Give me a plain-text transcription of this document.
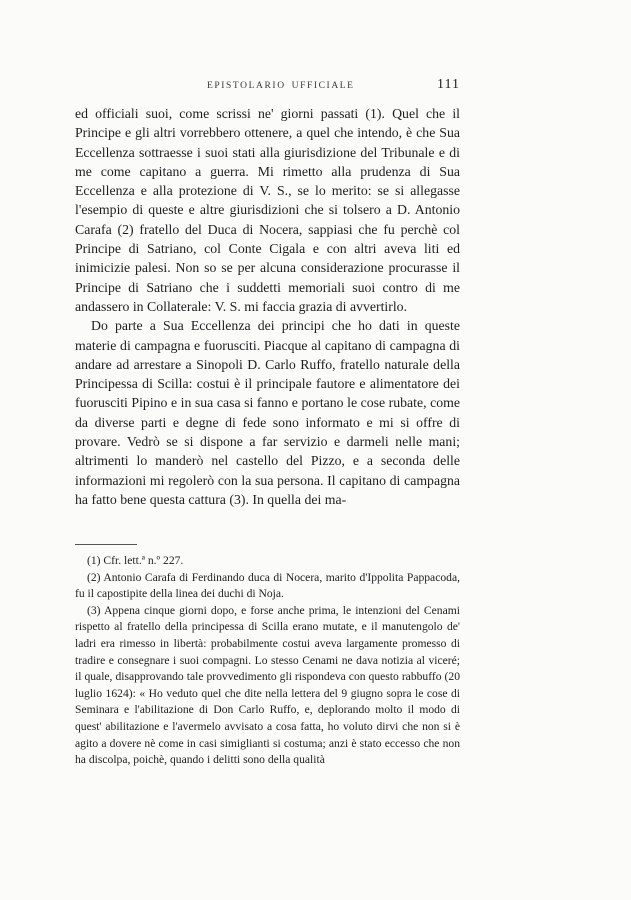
EPISTOLARIO UFFICIALE	111

ed officiali suoi, come scrissi ne' giorni passati (1). Quel che il Principe e gli altri vorrebbero ottenere, a quel che intendo, è che Sua Eccellenza sottraesse i suoi stati alla giurisdizione del Tribunale e di me come capitano a guerra. Mi rimetto alla prudenza di Sua Eccellenza e alla protezione di V. S., se lo merito: se si allegasse l'esempio di queste e altre giurisdizioni che si tolsero a D. Antonio Carafa (2) fratello del Duca di Nocera, sappiasi che fu perchè col Principe di Satriano, col Conte Cigala e con altri aveva liti ed inimicizie palesi. Non so se per alcuna considerazione procurasse il Principe di Satriano che i suddetti memoriali suoi contro di me andassero in Collaterale: V. S. mi faccia grazia di avvertirlo.

Do parte a Sua Eccellenza dei principi che ho dati in queste materie di campagna e fuorusciti. Piacque al capitano di campagna di andare ad arrestare a Sinopoli D. Carlo Ruffo, fratello naturale della Principessa di Scilla: costui è il principale fautore e alimentatore dei fuorusciti Pipino e in sua casa si fanno e portano le cose rubate, come da diverse parti e degne di fede sono informato e mi si offre di provare. Vedrò se si dispone a far servizio e darmeli nelle mani; altrimenti lo manderò nel castello del Pizzo, e a seconda delle informazioni mi regolerò con la sua persona. Il capitano di campagna ha fatto bene questa cattura (3). In quella dei ma-

(1) Cfr. lett.ª n.º 227.

(2) Antonio Carafa di Ferdinando duca di Nocera, marito d'Ippolita Pappacoda, fu il capostipite della linea dei duchi di Noja.

(3) Appena cinque giorni dopo, e forse anche prima, le intenzioni del Cenami rispetto al fratello della principessa di Scilla erano mutate, e il manutengolo de' ladri era rimesso in libertà: probabilmente costui aveva largamente promesso di tradire e consegnare i suoi compagni. Lo stesso Cenami ne dava notizia al viceré; il quale, disapprovando tale provvedimento gli rispondeva con questo rabbuffo (20 luglio 1624): « Ho veduto quel che dite nella lettera del 9 giugno sopra le cose di Seminara e l'abilitazione di Don Carlo Ruffo, e, deplorando molto il modo di quest' abilitazione e l'avermelo avvisato a cosa fatta, ho voluto dirvi che non si è agito a dovere nè come in casi simiglianti si costuma; anzi è stato eccesso che non ha discolpa, poichè, quando i delitti sono della qualità
